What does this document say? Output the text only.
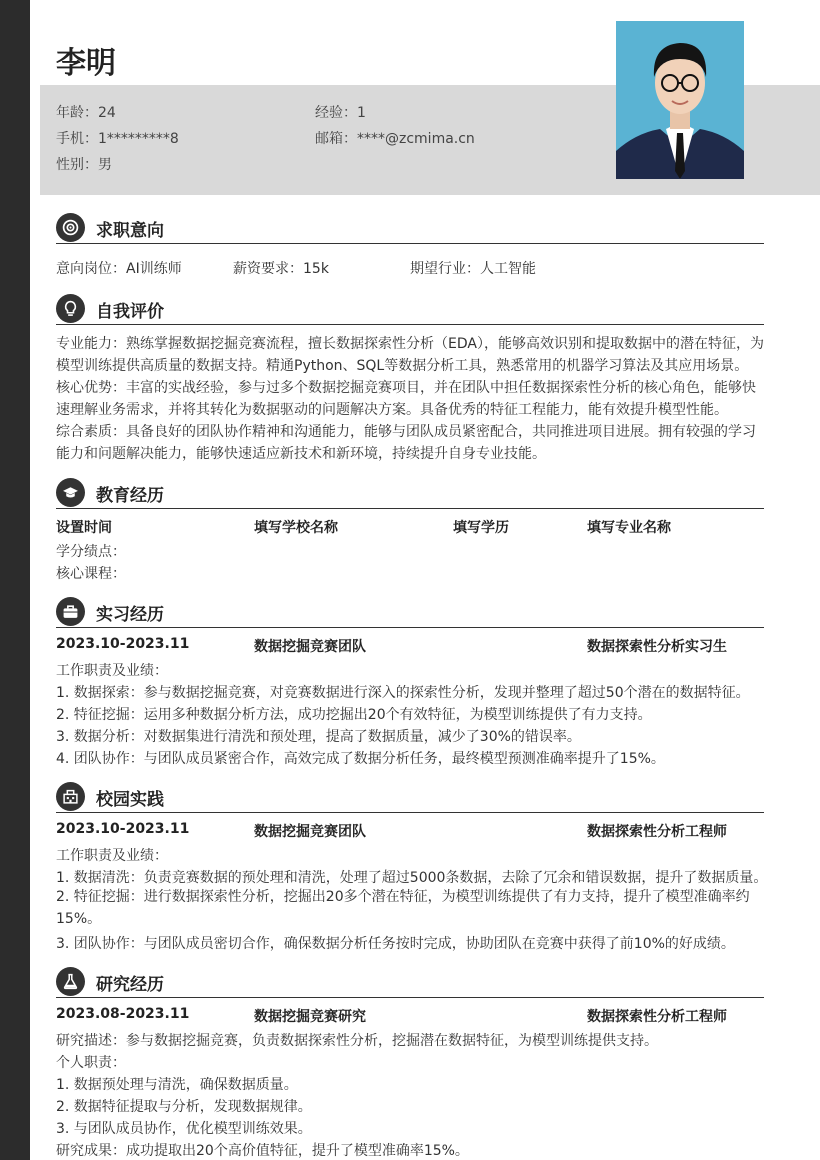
李明
年龄：24	经验：1
手机：1*********8	邮箱：****@zcmima.cn
性别：男
求职意向
意向岗位：AI训练师	薪资要求：15k	期望行业：人工智能
自我评价

专业能力：熟练掌握数据挖掘竞赛流程，擅长数据探索性分析（EDA），能够高效识别和提取数据中的潜在特征，为模型训练提供高质量的数据支持。精通Python、SQL等数据分析工具，熟悉常用的机器学习算法及其应用场景。

核心优势：丰富的实战经验，参与过多个数据挖掘竞赛项目，并在团队中担任数据探索性分析的核心角色，能够快速理解业务需求，并将其转化为数据驱动的问题解决方案。具备优秀的特征工程能力，能有效提升模型性能。

综合素质：具备良好的团队协作精神和沟通能力，能够与团队成员紧密配合，共同推进项目进展。拥有较强的学习能力和问题解决能力，能够快速适应新技术和新环境，持续提升自身专业技能。

教育经历
设置时间	填写学校名称	填写学历	填写专业名称
学分绩点：
核心课程：
实习经历
2023.10-2023.11	数据挖掘竞赛团队	数据探索性分析实习生
工作职责及业绩：
1. 数据探索：参与数据挖掘竞赛，对竞赛数据进行深入的探索性分析，发现并整理了超过50个潜在的数据特征。
2. 特征挖掘：运用多种数据分析方法，成功挖掘出20个有效特征，为模型训练提供了有力支持。
3. 数据分析：对数据集进行清洗和预处理，提高了数据质量，减少了30%的错误率。
4. 团队协作：与团队成员紧密合作，高效完成了数据分析任务，最终模型预测准确率提升了15%。
校园实践
2023.10-2023.11	数据挖掘竞赛团队	数据探索性分析工程师
工作职责及业绩：
1. 数据清洗：负责竞赛数据的预处理和清洗，处理了超过5000条数据，去除了冗余和错误数据，提升了数据质量。

2. 特征挖掘：进行数据探索性分析，挖掘出20多个潜在特征，为模型训练提供了有力支持，提升了模型准确率约15%。

3. 团队协作：与团队成员密切合作，确保数据分析任务按时完成，协助团队在竞赛中获得了前10%的好成绩。
研究经历
2023.08-2023.11	数据挖掘竞赛研究	数据探索性分析工程师
研究描述：参与数据挖掘竞赛，负责数据探索性分析，挖掘潜在数据特征，为模型训练提供支持。
个人职责：
1. 数据预处理与清洗，确保数据质量。
2. 数据特征提取与分析，发现数据规律。
3. 与团队成员协作，优化模型训练效果。
研究成果：成功提取出20个高价值特征，提升了模型准确率15%。
